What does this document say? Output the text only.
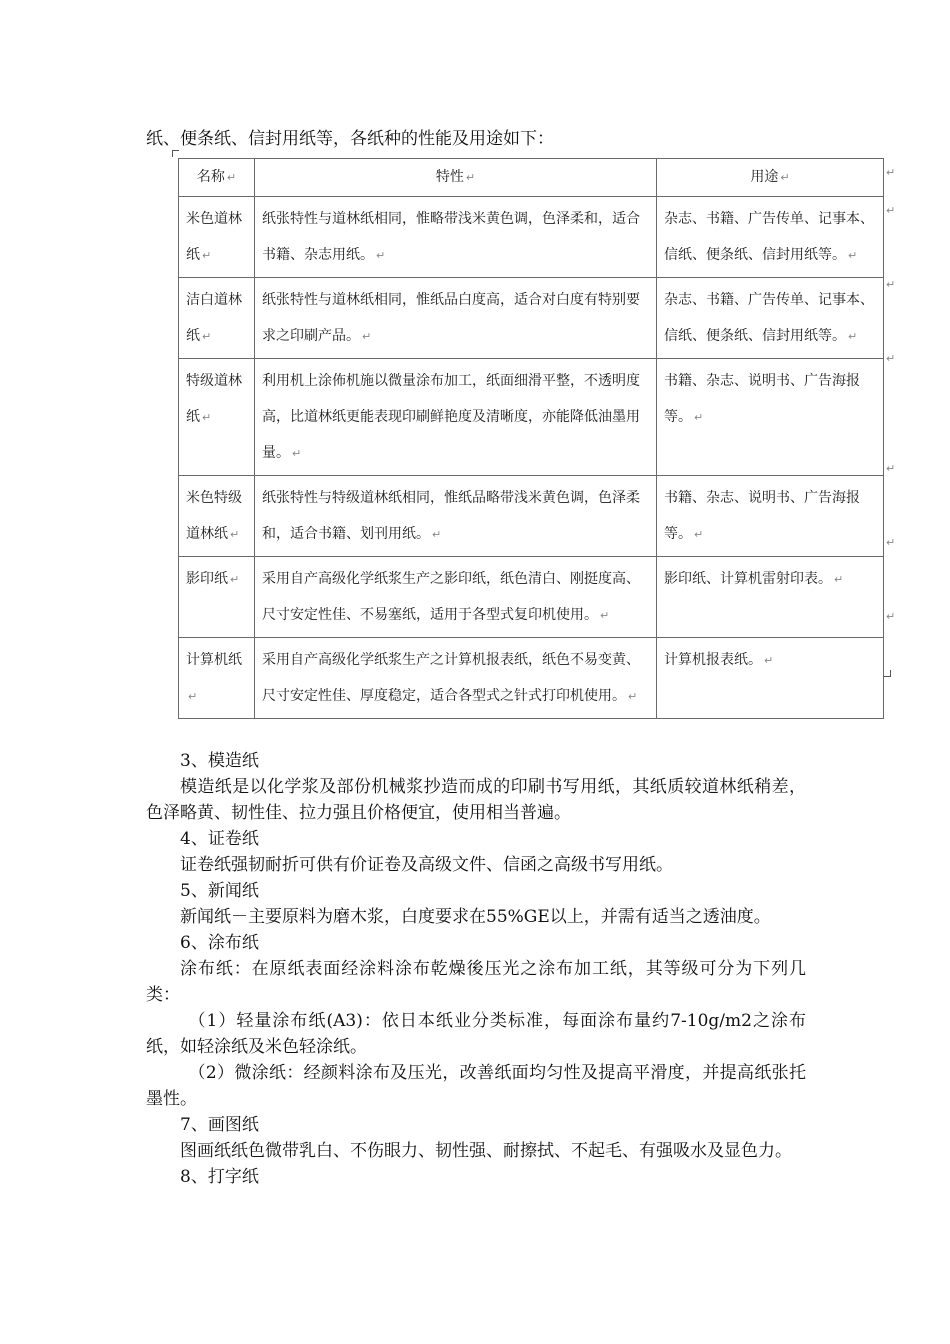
纸、便条纸、信封用纸等，各纸种的性能及用途如下：
名称 ↵	特性 ↵	用途 ↵
米色道林纸 ↵	纸张特性与道林纸相同，惟略带浅米黄色调，色泽柔和，适合书籍、杂志用纸。 ↵	杂志、书籍、广告传单、记事本、信纸、便条纸、信封用纸等。 ↵
洁白道林纸 ↵	纸张特性与道林纸相同，惟纸品白度高，适合对白度有特别要求之印刷产品。 ↵	杂志、书籍、广告传单、记事本、信纸、便条纸、信封用纸等。 ↵
特级道林纸 ↵	利用机上涂佈机施以微量涂布加工，纸面细滑平整，不透明度高，比道林纸更能表现印刷鲜艳度及清晰度，亦能降低油墨用量。 ↵	书籍、杂志、说明书、广告海报等。 ↵
米色特级道林纸 ↵	纸张特性与特级道林纸相同，惟纸品略带浅米黄色调，色泽柔和，适合书籍、划刊用纸。 ↵	书籍、杂志、说明书、广告海报等。 ↵
影印纸 ↵	采用自产高级化学纸浆生产之影印纸，纸色清白、刚挺度高、尺寸安定性佳、不易塞纸，适用于各型式复印机使用。 ↵	影印纸、计算机雷射印表。 ↵
计算机纸↵	采用自产高级化学纸浆生产之计算机报表纸，纸色不易变黄、尺寸安定性佳、厚度稳定，适合各型式之针式打印机使用。 ↵	计算机报表纸。 ↵
↵
↵
↵
↵
↵
↵
↵

3、模造纸

模造纸是以化学浆及部份机械浆抄造而成的印刷书写用纸，其纸质较道林纸稍差，色泽略黄、韧性佳、拉力强且价格便宜，使用相当普遍。

4、证卷纸

证卷纸强韧耐折可供有价证卷及高级文件、信函之高级书写用纸。

5、新闻纸

新闻纸－主要原料为磨木浆，白度要求在55%GE以上，并需有适当之透油度。

6、涂布纸

涂布纸：在原纸表面经涂料涂布乾燥後压光之涂布加工纸，其等级可分为下列几类：

（1）轻量涂布纸(A3)：依日本纸业分类标准，每面涂布量约7-10g/m2之涂布纸，如轻涂纸及米色轻涂纸。

（2）微涂纸：经颜料涂布及压光，改善纸面均匀性及提高平滑度，并提高纸张托墨性。

7、画图纸

图画纸纸色微带乳白、不伤眼力、韧性强、耐擦拭、不起毛、有强吸水及显色力。

8、打字纸
